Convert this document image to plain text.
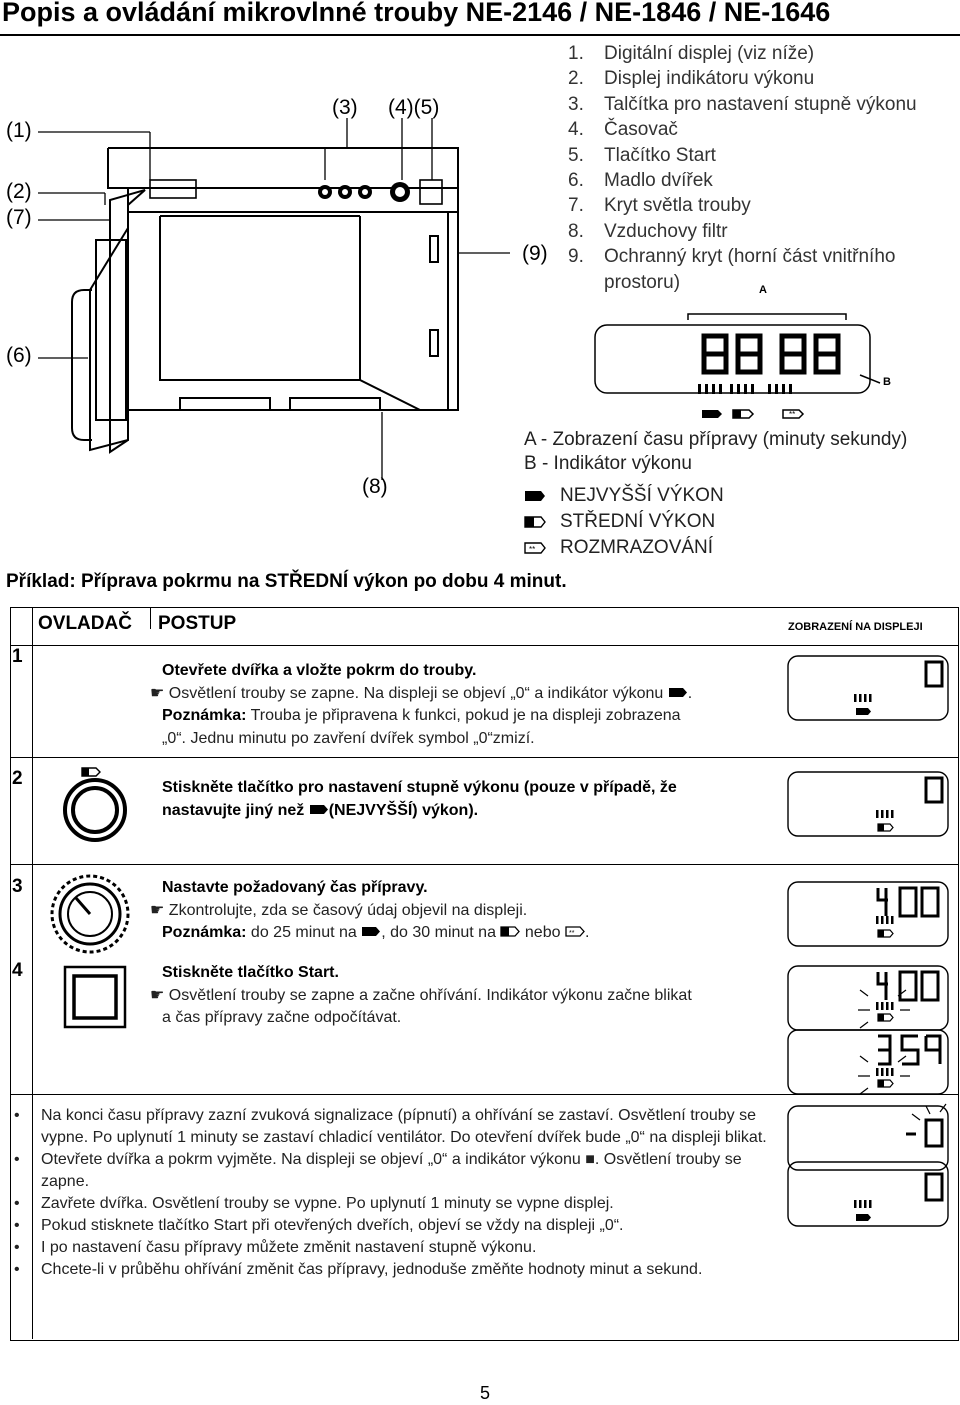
Popis a ovládání mikrovlnné trouby NE-2146 / NE-1846 / NE-1646
(1)
(2)
(7)
(6)
(3) (4)(5)
(9)
(8)
1.	Digitální displej (viz níže)
2.	Displej indikátoru výkonu
3.	Talčítka pro nastavení stupně výkonu
4.	Časovač
5.	Tlačítko Start
6.	Madlo dvířek
7.	Kryt světla trouby
8.	Vzduchovy filtr
9.	Ochranný kryt (horní část vnitřního
prostoru)
**
A
B
A - Zobrazení času přípravy (minuty sekundy)
B - Indikátor výkonu
NEJVYŠŠÍ VÝKON
STŘEDNÍ VÝKON
** ROZMRAZOVÁNÍ
Příklad: Příprava pokrmu na STŘEDNÍ výkon po dobu 4 minut.
OVLADAČ POSTUP	ZOBRAZENÍ NA DISPLEJI
1
Otevřete dvířka a vložte pokrm do trouby.
☛ Osvětlení trouby se zapne. Na displeji se objeví „0“ a indikátor výkonu .
Poznámka: Trouba je připravena k funkci, pokud je na displeji zobrazena
„0“. Jednu minutu po zavření dvířek symbol „0“zmizí.
2	Stiskněte tlačítko pro nastavení stupně výkonu (pouze v případě, že
nastavujte jiný než (NEJVYŠŠÍ) výkon).
3	Nastavte požadovaný čas přípravy.
☛ Zkontrolujte, zda se časový údaj objevil na displeji.
Poznámka: do 25 minut na , do 30 minut na nebo ** .
4	Stiskněte tlačítko Start.
☛ Osvětlení trouby se zapne a začne ohřívání. Indikátor výkonu začne blikat
a čas přípravy začne odpočítávat.
•	Na konci času přípravy zazní zvuková signalizace (pípnutí) a ohřívání se zastaví. Osvětlení trouby se vypne. Po uplynutí 1 minuty se zastaví chladicí ventilátor. Do otevření dvířek bude „0“ na displeji blikat.
•	Otevřete dvířka a pokrm vyjměte. Na displeji se objeví „0“ a indikátor výkonu ■. Osvětlení trouby se zapne.
•	Zavřete dvířka. Osvětlení trouby se vypne. Po uplynutí 1 minuty se vypne displej.
•	Pokud stisknete tlačítko Start při otevřených dveřích, objeví se vždy na displeji „0“.
•	I po nastavení času přípravy můžete změnit nastavení stupně výkonu.
•	Chcete-li v průběhu ohřívání změnit čas přípravy, jednoduše změňte hodnoty minut a sekund.
5
